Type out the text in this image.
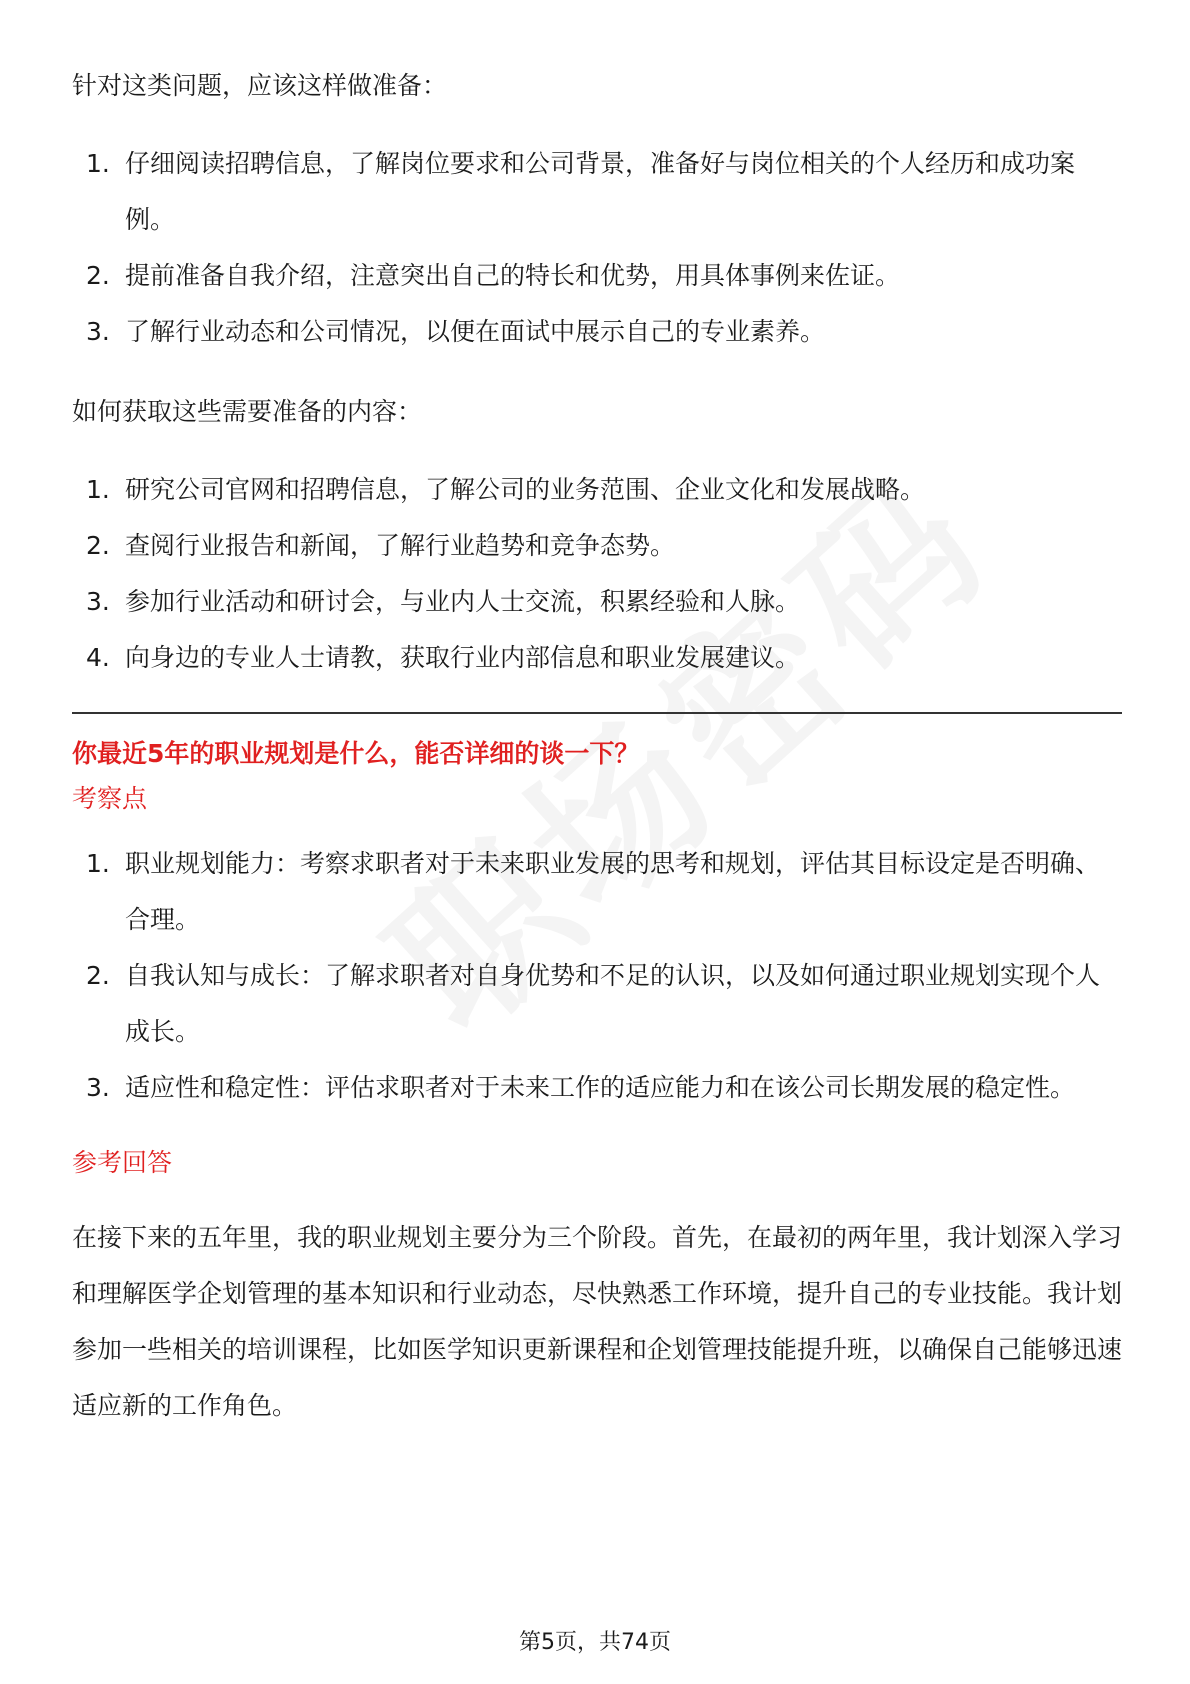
针对这类问题，应该这样做准备：

1. 仔细阅读招聘信息，了解岗位要求和公司背景，准备好与岗位相关的个人经历和成功案例。
2. 提前准备自我介绍，注意突出自己的特长和优势，用具体事例来佐证。
3. 了解行业动态和公司情况，以便在面试中展示自己的专业素养。

如何获取这些需要准备的内容：

1. 研究公司官网和招聘信息，了解公司的业务范围、企业文化和发展战略。
2. 查阅行业报告和新闻，了解行业趋势和竞争态势。
3. 参加行业活动和研讨会，与业内人士交流，积累经验和人脉。
4. 向身边的专业人士请教，获取行业内部信息和职业发展建议。

你最近5年的职业规划是什么，能否详细的谈一下？

考察点

1. 职业规划能力：考察求职者对于未来职业发展的思考和规划，评估其目标设定是否明确、合理。
2. 自我认知与成长：了解求职者对自身优势和不足的认识，以及如何通过职业规划实现个人成长。
3. 适应性和稳定性：评估求职者对于未来工作的适应能力和在该公司长期发展的稳定性。

参考回答

在接下来的五年里，我的职业规划主要分为三个阶段。首先，在最初的两年里，我计划深入学习和理解医学企划管理的基本知识和行业动态，尽快熟悉工作环境，提升自己的专业技能。我计划参加一些相关的培训课程，比如医学知识更新课程和企划管理技能提升班，以确保自己能够迅速适应新的工作角色。

第5页，共74页
